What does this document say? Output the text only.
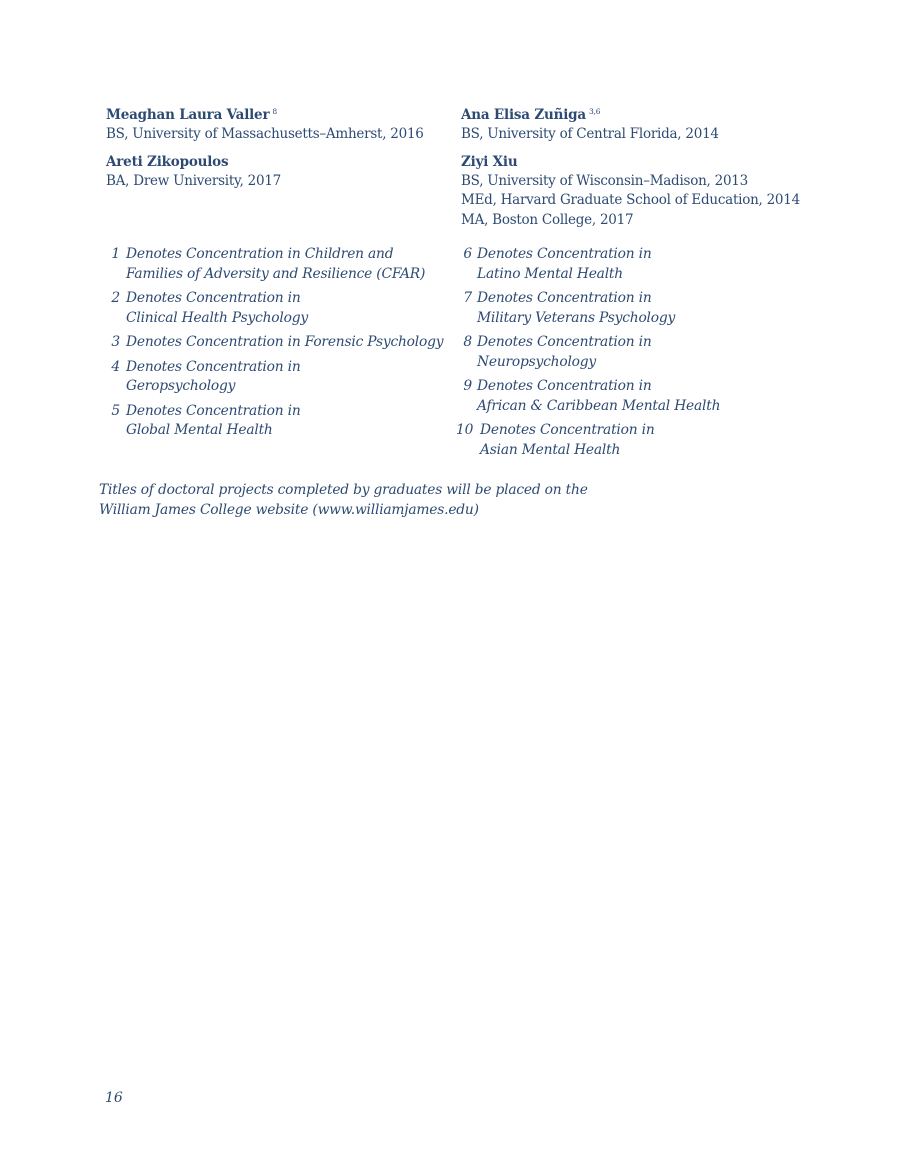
Meaghan Laura Valler $^8$
BS, University of Massachusetts–Amherst, 2016
Areti Zikopoulos
BA, Drew University, 2017
Ana Elisa Zuñiga $^{3,6}$
BS, University of Central Florida, 2014
Ziyi Xiu
BS, University of Wisconsin–Madison, 2013
MEd, Harvard Graduate School of Education, 2014
MA, Boston College, 2017
1 Denotes Concentration in Children and
Families of Adversity and Resilience (CFAR)
2 Denotes Concentration in
Clinical Health Psychology
3 Denotes Concentration in Forensic Psychology
4 Denotes Concentration in
Geropsychology
5 Denotes Concentration in
Global Mental Health
6 Denotes Concentration in
Latino Mental Health
7 Denotes Concentration in
Military Veterans Psychology
8 Denotes Concentration in
Neuropsychology
9 Denotes Concentration in
African & Caribbean Mental Health
10 Denotes Concentration in
Asian Mental Health
Titles of doctoral projects completed by graduates will be placed on the
William James College website (www.williamjames.edu)
16
